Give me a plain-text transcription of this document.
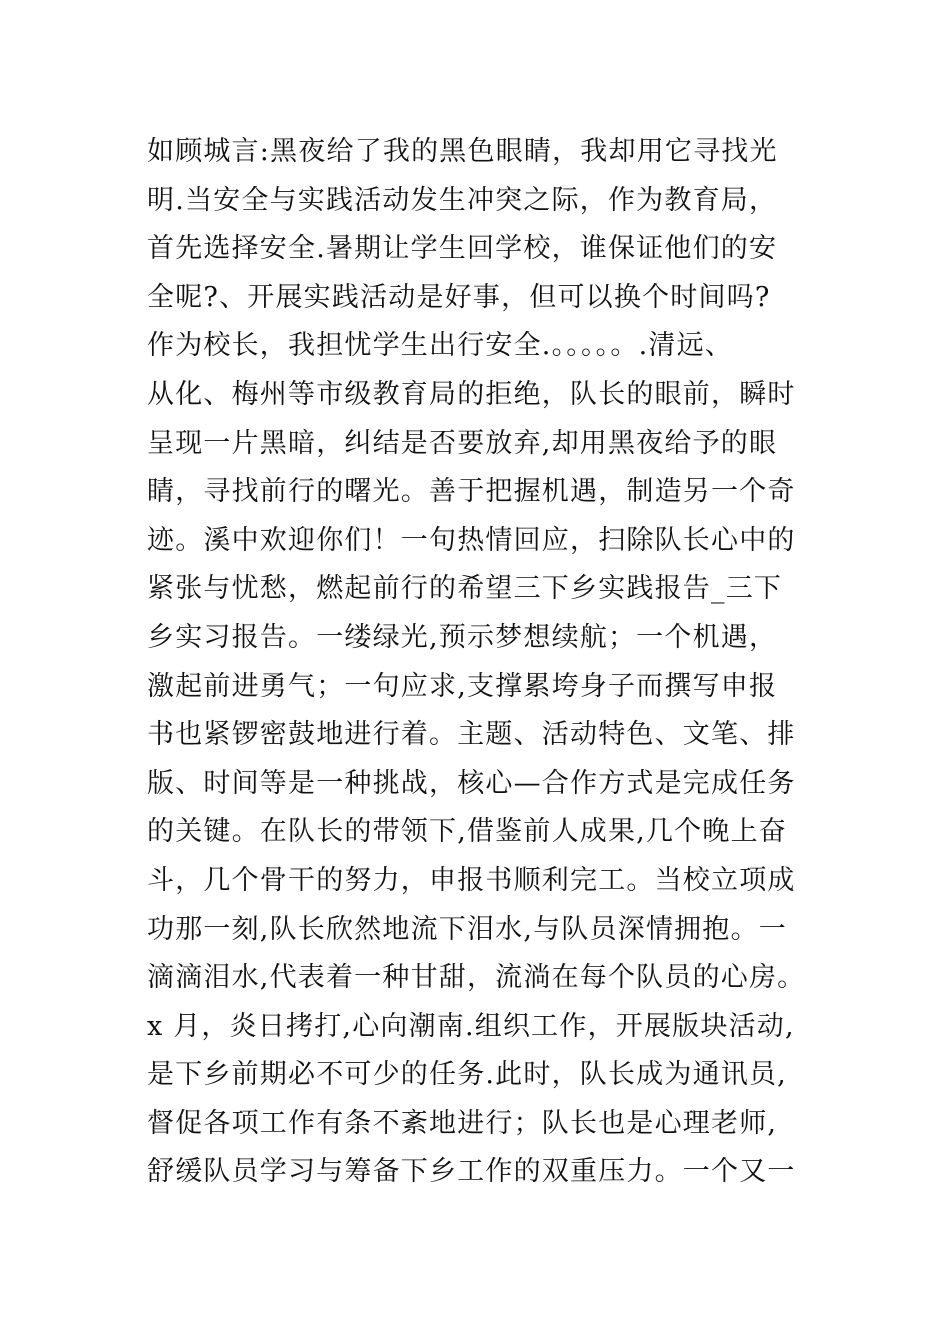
如顾城言:黑夜给了我的黑色眼睛，我却用它寻找光
明.当安全与实践活动发生冲突之际，作为教育局，
首先选择安全.暑期让学生回学校，谁保证他们的安
全呢?、开展实践活动是好事，但可以换个时间吗?
作为校长，我担忧学生出行安全.。。。。。.清远、
从化、梅州等市级教育局的拒绝，队长的眼前，瞬时
呈现一片黑暗，纠结是否要放弃,却用黑夜给予的眼
睛，寻找前行的曙光。善于把握机遇，制造另一个奇
迹。溪中欢迎你们！一句热情回应，扫除队长心中的
紧张与忧愁，燃起前行的希望三下乡实践报告_三下
乡实习报告。一缕绿光,预示梦想续航；一个机遇，
激起前进勇气；一句应求,支撑累垮身子而撰写申报
书也紧锣密鼓地进行着。主题、活动特色、文笔、排
版、时间等是一种挑战，核心—合作方式是完成任务
的关键。在队长的带领下,借鉴前人成果,几个晚上奋
斗，几个骨干的努力，申报书顺利完工。当校立项成
功那一刻,队长欣然地流下泪水,与队员深情拥抱。一
滴滴泪水,代表着一种甘甜，流淌在每个队员的心房。
x 月，炎日拷打,心向潮南.组织工作，开展版块活动,
是下乡前期必不可少的任务.此时，队长成为通讯员,
督促各项工作有条不紊地进行；队长也是心理老师,
舒缓队员学习与筹备下乡工作的双重压力。一个又一
